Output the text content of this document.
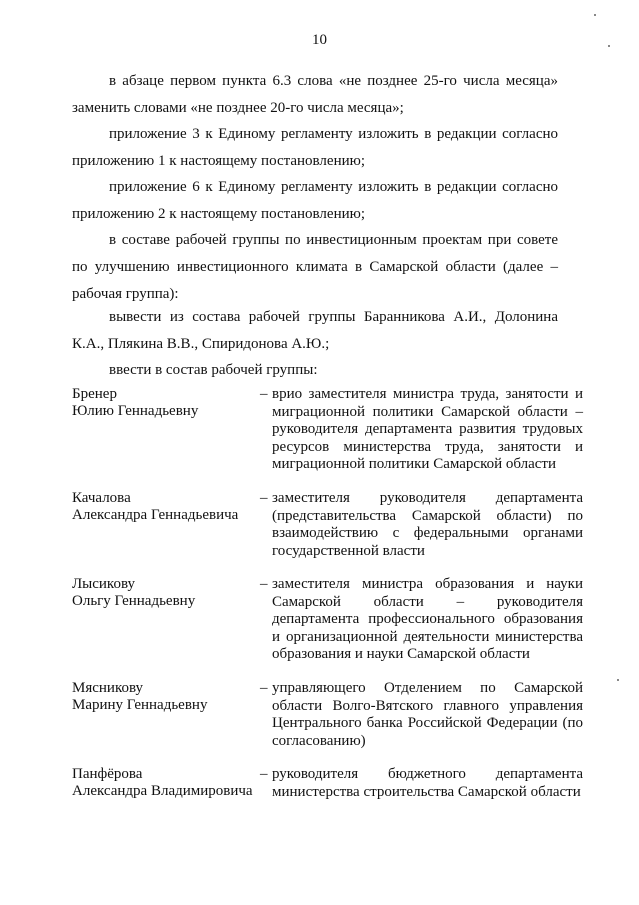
10

в абзаце первом пункта 6.3 слова «не позднее 25-го числа месяца» заменить словами «не позднее 20-го числа месяца»;

приложение 3 к Единому регламенту изложить в редакции согласно приложению 1 к настоящему постановлению;

приложение 6 к Единому регламенту изложить в редакции согласно приложению 2 к настоящему постановлению;

в составе рабочей группы по инвестиционным проектам при совете по улучшению инвестиционного климата в Самарской области (далее – рабочая группа):

вывести из состава рабочей группы Баранникова А.И., Долонина К.А., Плякина В.В., Спиридонова А.Ю.;

ввести в состав рабочей группы:

Бренер
Юлию Геннадьевну
– врио заместителя министра труда, занятости и миграционной политики Самарской области – руководителя департамента развития трудовых ресурсов министерства труда, занятости и миграционной политики Самарской области
Качалова
Александра Геннадьевича
– заместителя руководителя департамента (представительства Самарской области) по взаимодействию с федеральными органами государственной власти
Лысикову
Ольгу Геннадьевну
– заместителя министра образования и науки Самарской области – руководителя департамента профессионального образования и организационной деятельности министерства образования и науки Самарской области
Мясникову
Марину Геннадьевну
– управляющего Отделением по Самарской области Волго-Вятского главного управления Центрального банка Российской Федерации (по согласованию)
Панфёрова
Александра Владимировича
– руководителя бюджетного департамента министерства строительства Самарской области
